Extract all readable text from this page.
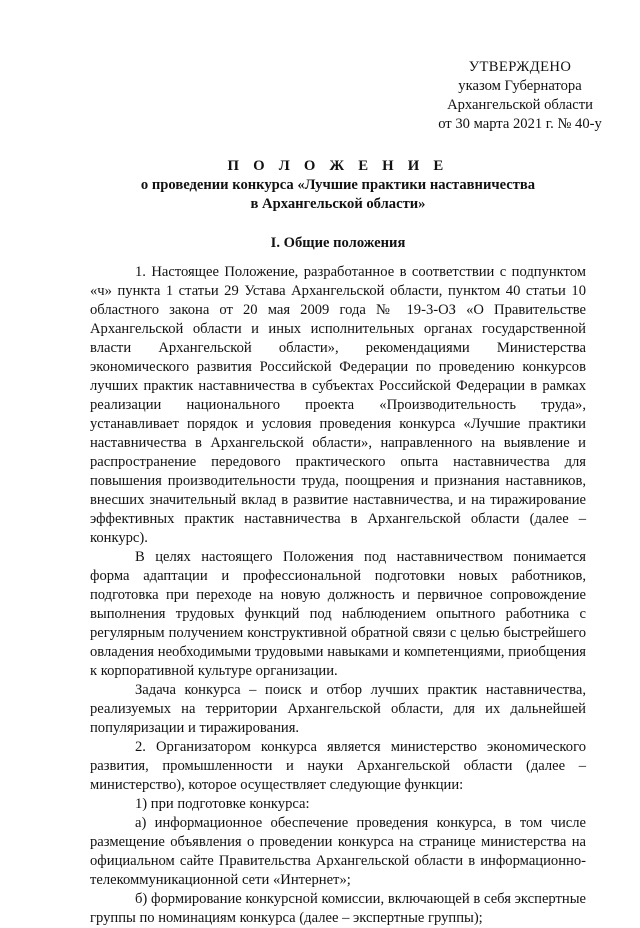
УТВЕРЖДЕНО
указом Губернатора
Архангельской области
от 30 марта 2021 г. № 40-у
П О Л О Ж Е Н И Е
о проведении конкурса «Лучшие практики наставничества
в Архангельской области»
I. Общие положения

1. Настоящее Положение, разработанное в соответствии с подпунктом «ч» пункта 1 статьи 29 Устава Архангельской области, пунктом 40 статьи 10 областного закона от 20 мая 2009 года № 19-3-ОЗ «О Правительстве Архангельской области и иных исполнительных органах государственной власти Архангельской области», рекомендациями Министерства экономического развития Российской Федерации по проведению конкурсов лучших практик наставничества в субъектах Российской Федерации в рамках реализации национального проекта «Производительность труда», устанавливает порядок и условия проведения конкурса «Лучшие практики наставничества в Архангельской области», направленного на выявление и распространение передового практического опыта наставничества для повышения производительности труда, поощрения и признания наставников, внесших значительный вклад в развитие наставничества, и на тиражирование эффективных практик наставничества в Архангельской области (далее – конкурс).

В целях настоящего Положения под наставничеством понимается форма адаптации и профессиональной подготовки новых работников, подготовка при переходе на новую должность и первичное сопровождение выполнения трудовых функций под наблюдением опытного работника с регулярным получением конструктивной обратной связи с целью быстрейшего овладения необходимыми трудовыми навыками и компетенциями, приобщения к корпоративной культуре организации.

Задача конкурса – поиск и отбор лучших практик наставничества, реализуемых на территории Архангельской области, для их дальнейшей популяризации и тиражирования.

2. Организатором конкурса является министерство экономического развития, промышленности и науки Архангельской области (далее – министерство), которое осуществляет следующие функции:

1) при подготовке конкурса:

а) информационное обеспечение проведения конкурса, в том числе размещение объявления о проведении конкурса на странице министерства на официальном сайте Правительства Архангельской области в информационно-телекоммуникационной сети «Интернет»;

б) формирование конкурсной комиссии, включающей в себя экспертные группы по номинациям конкурса (далее – экспертные группы);
